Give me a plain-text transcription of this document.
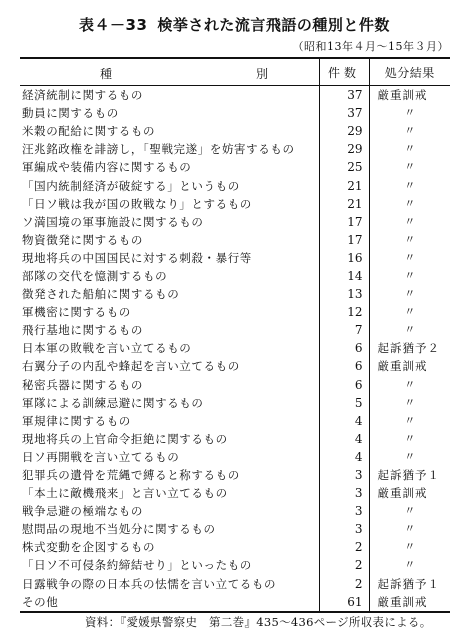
表４－33 検挙された流言飛語の種別と件数
（昭和13年４月～15年３月）
種 別	件数	処分結果
経済統制に関するもの	37	厳重訓戒
動員に関するもの	37	〃
米穀の配給に関するもの	29	〃
汪兆銘政権を誹謗し，「聖戦完遂」を妨害するもの	29	〃
軍編成や装備内容に関するもの	25	〃
「国内統制経済が破綻する」というもの	21	〃
「日ソ戦は我が国の敗戦なり」とするもの	21	〃
ソ満国境の軍事施設に関するもの	17	〃
物資徴発に関するもの	17	〃
現地将兵の中国国民に対する刺殺・暴行等	16	〃
部隊の交代を憶測するもの	14	〃
徴発された船舶に関するもの	13	〃
軍機密に関するもの	12	〃
飛行基地に関するもの	7	〃
日本軍の敗戦を言い立てるもの	6	起訴猶予２
右翼分子の内乱や蜂起を言い立てるもの	6	厳重訓戒
秘密兵器に関するもの	6	〃
軍隊による訓練忌避に関するもの	5	〃
軍規律に関するもの	4	〃
現地将兵の上官命令拒絶に関するもの	4	〃
日ソ再開戦を言い立てるもの	4	〃
犯罪兵の遺骨を荒縄で縛ると称するもの	3	起訴猶予１
「本土に敵機飛来」と言い立てるもの	3	厳重訓戒
戦争忌避の極端なもの	3	〃
慰問品の現地不当処分に関するもの	3	〃
株式変動を企図するもの	2	〃
「日ソ不可侵条約締結せり」といったもの	2	〃
日露戦争の際の日本兵の怯懦を言い立てるもの	2	起訴猶予１
その他	61	厳重訓戒
資料：『愛媛県警察史　第二巻』435～436ページ所収表による。
